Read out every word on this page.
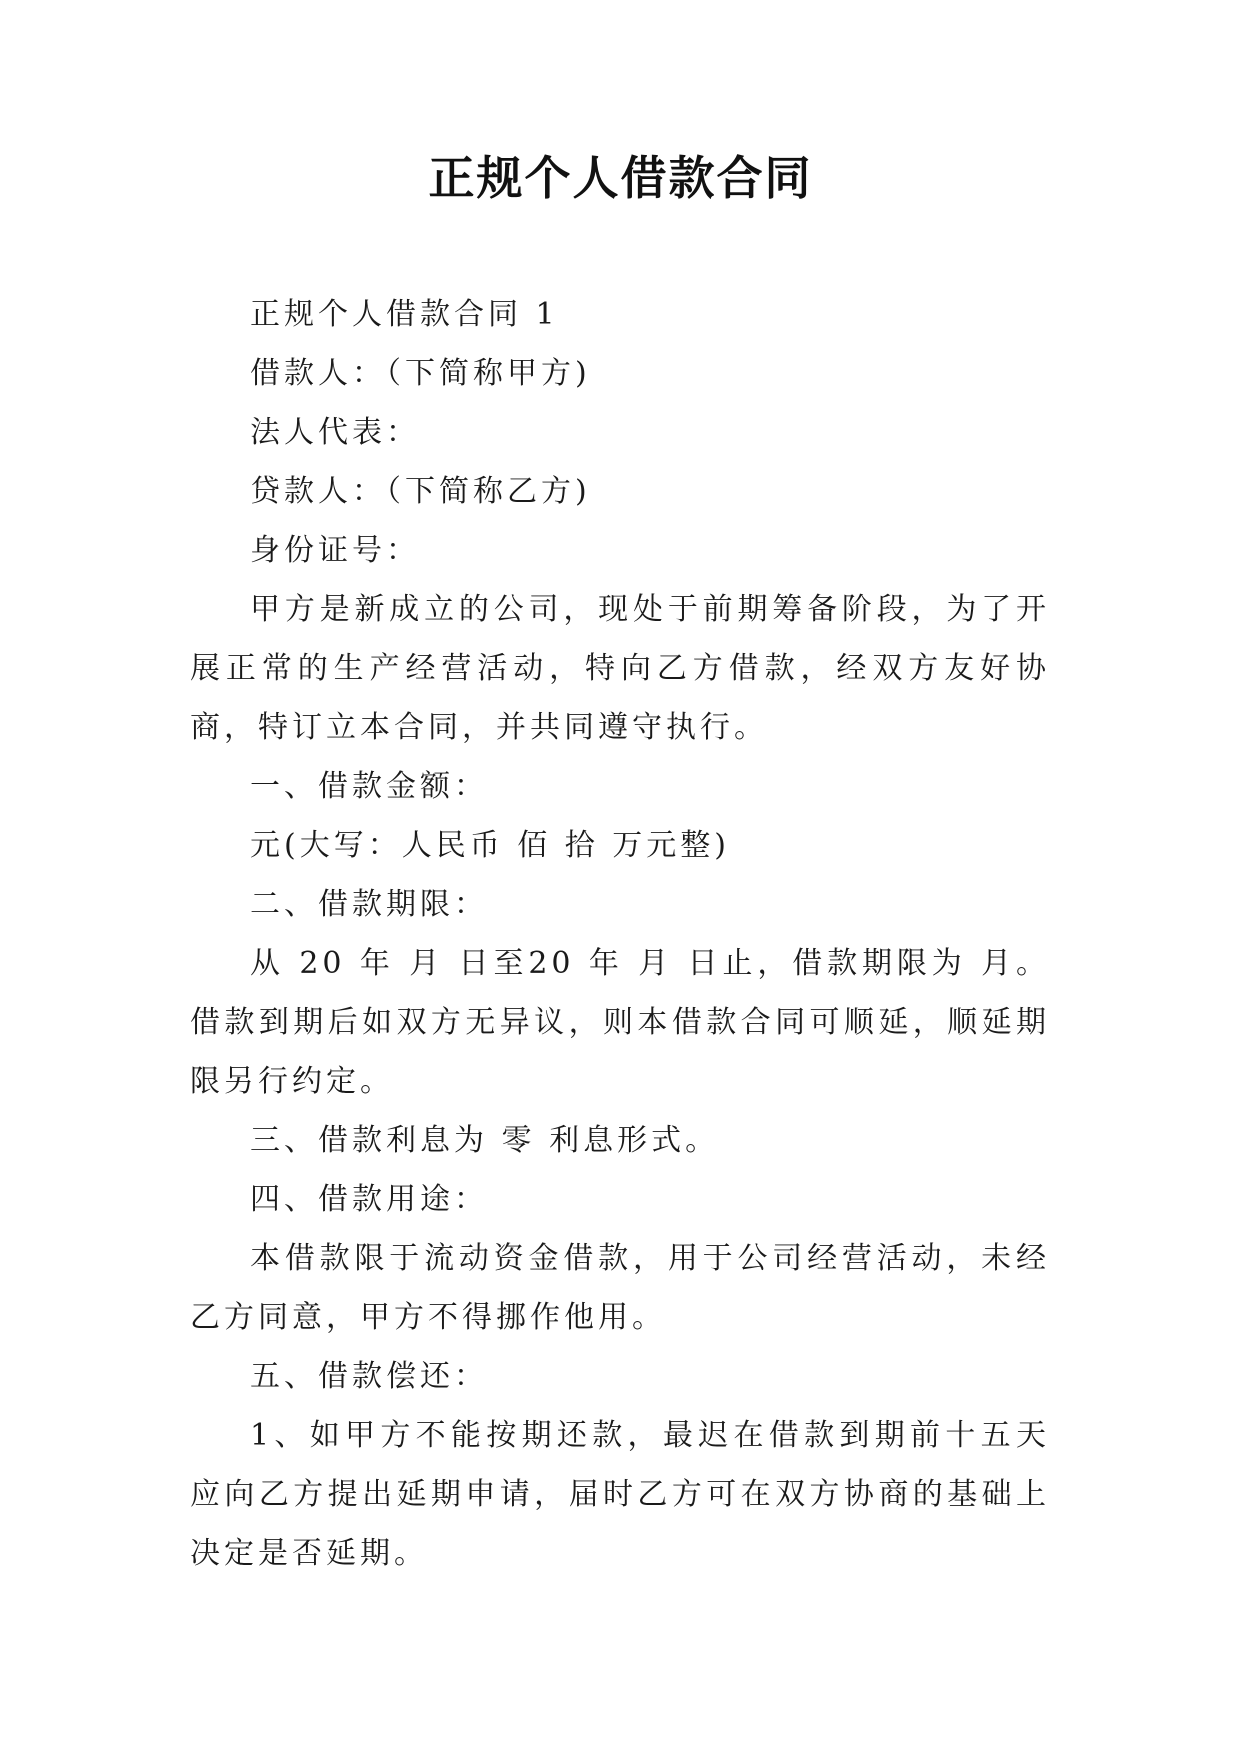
正规个人借款合同

正规个人借款合同 1

借款人：（下简称甲方)

法人代表：

贷款人：（下简称乙方)

身份证号：

甲方是新成立的公司，现处于前期筹备阶段，为了开展正常的生产经营活动，特向乙方借款，经双方友好协商，特订立本合同，并共同遵守执行。

一、借款金额：

元(大写：人民币 佰 拾 万元整)

二、借款期限：

从 20 年 月 日至20 年 月 日止，借款期限为 月。借款到期后如双方无异议，则本借款合同可顺延，顺延期限另行约定。

三、借款利息为 零 利息形式。

四、借款用途：

本借款限于流动资金借款，用于公司经营活动，未经乙方同意，甲方不得挪作他用。

五、借款偿还：

1、如甲方不能按期还款，最迟在借款到期前十五天应向乙方提出延期申请，届时乙方可在双方协商的基础上决定是否延期。
